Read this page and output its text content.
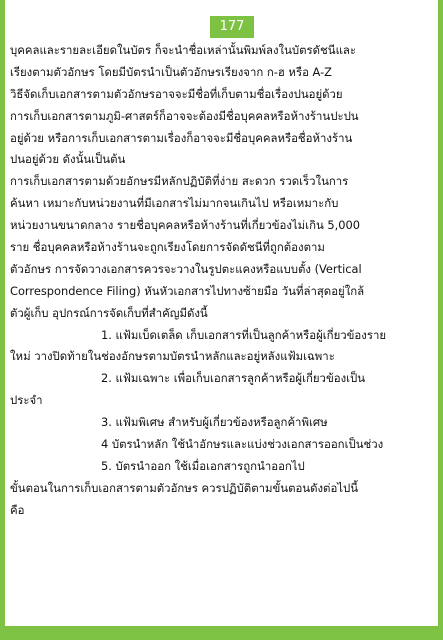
177
บุคคลและรายละเอียดในบัตร ก็จะนำชื่อเหล่านั้นพิมพ์ลงในบัตรดัชนีและ
เรียงตามตัวอักษร โดยมีบัตรนำเป็นตัวอักษรเรียงจาก ก-ฮ หรือ A-Z
วิธีจัดเก็บเอกสารตามตัวอักษรอาจจะมีชื่อที่เก็บตามชื่อเรื่องปนอยู่ด้วย
การเก็บเอกสารตามภูมิ-ศาสตร์ก็อาจจะต้องมีชื่อบุคคลหรือห้างร้านปะปน
อยู่ด้วย หรือการเก็บเอกสารตามเรื่องก็อาจจะมีชื่อบุคคลหรือชื่อห้างร้าน
ปนอยู่ด้วย ดังนั้นเป็นต้น
การเก็บเอกสารตามด้วยอักษรมีหลักปฏิบัติที่ง่าย สะดวก รวดเร็วในการ
ค้นหา เหมาะกับหน่วยงานที่มีเอกสารไม่มากจนเกินไป หรือเหมาะกับ
หน่วยงานขนาดกลาง รายชื่อบุคคลหรือห้างร้านที่เกี่ยวข้องไม่เกิน 5,000
ราย ชื่อบุคคลหรือห้างร้านจะถูกเรียงโดยการจัดดัชนีที่ถูกต้องตาม
ตัวอักษร การจัดวางเอกสารควรจะวางในรูปตะแคงหรือแบบตั้ง (Vertical
Correspondence Filing) หันหัวเอกสารไปทางซ้ายมือ วันที่ล่าสุดอยู่ใกล้
ตัวผู้เก็บ อุปกรณ์การจัดเก็บที่สำคัญมีดังนี้
1. แฟ้มเบ็ดเตล็ด เก็บเอกสารที่เป็นลูกค้าหรือผู้เกี่ยวข้องราย
ใหม่ วางปิดท้ายในช่องอักษรตามบัตรนำหลักและอยู่หลังแฟ้มเฉพาะ
2. แฟ้มเฉพาะ เพื่อเก็บเอกสารลูกค้าหรือผู้เกี่ยวข้องเป็น
ประจำ
3. แฟ้มพิเศษ สำหรับผู้เกี่ยวข้องหรือลูกค้าพิเศษ
4 บัตรนำหลัก ใช้นำอักษรและแบ่งช่วงเอกสารออกเป็นช่วง
5. บัตรนำออก ใช้เมื่อเอกสารถูกนำออกไป
ขั้นตอนในการเก็บเอกสารตามตัวอักษร ควรปฏิบัติตามขั้นตอนดังต่อไปนี้
คือ
